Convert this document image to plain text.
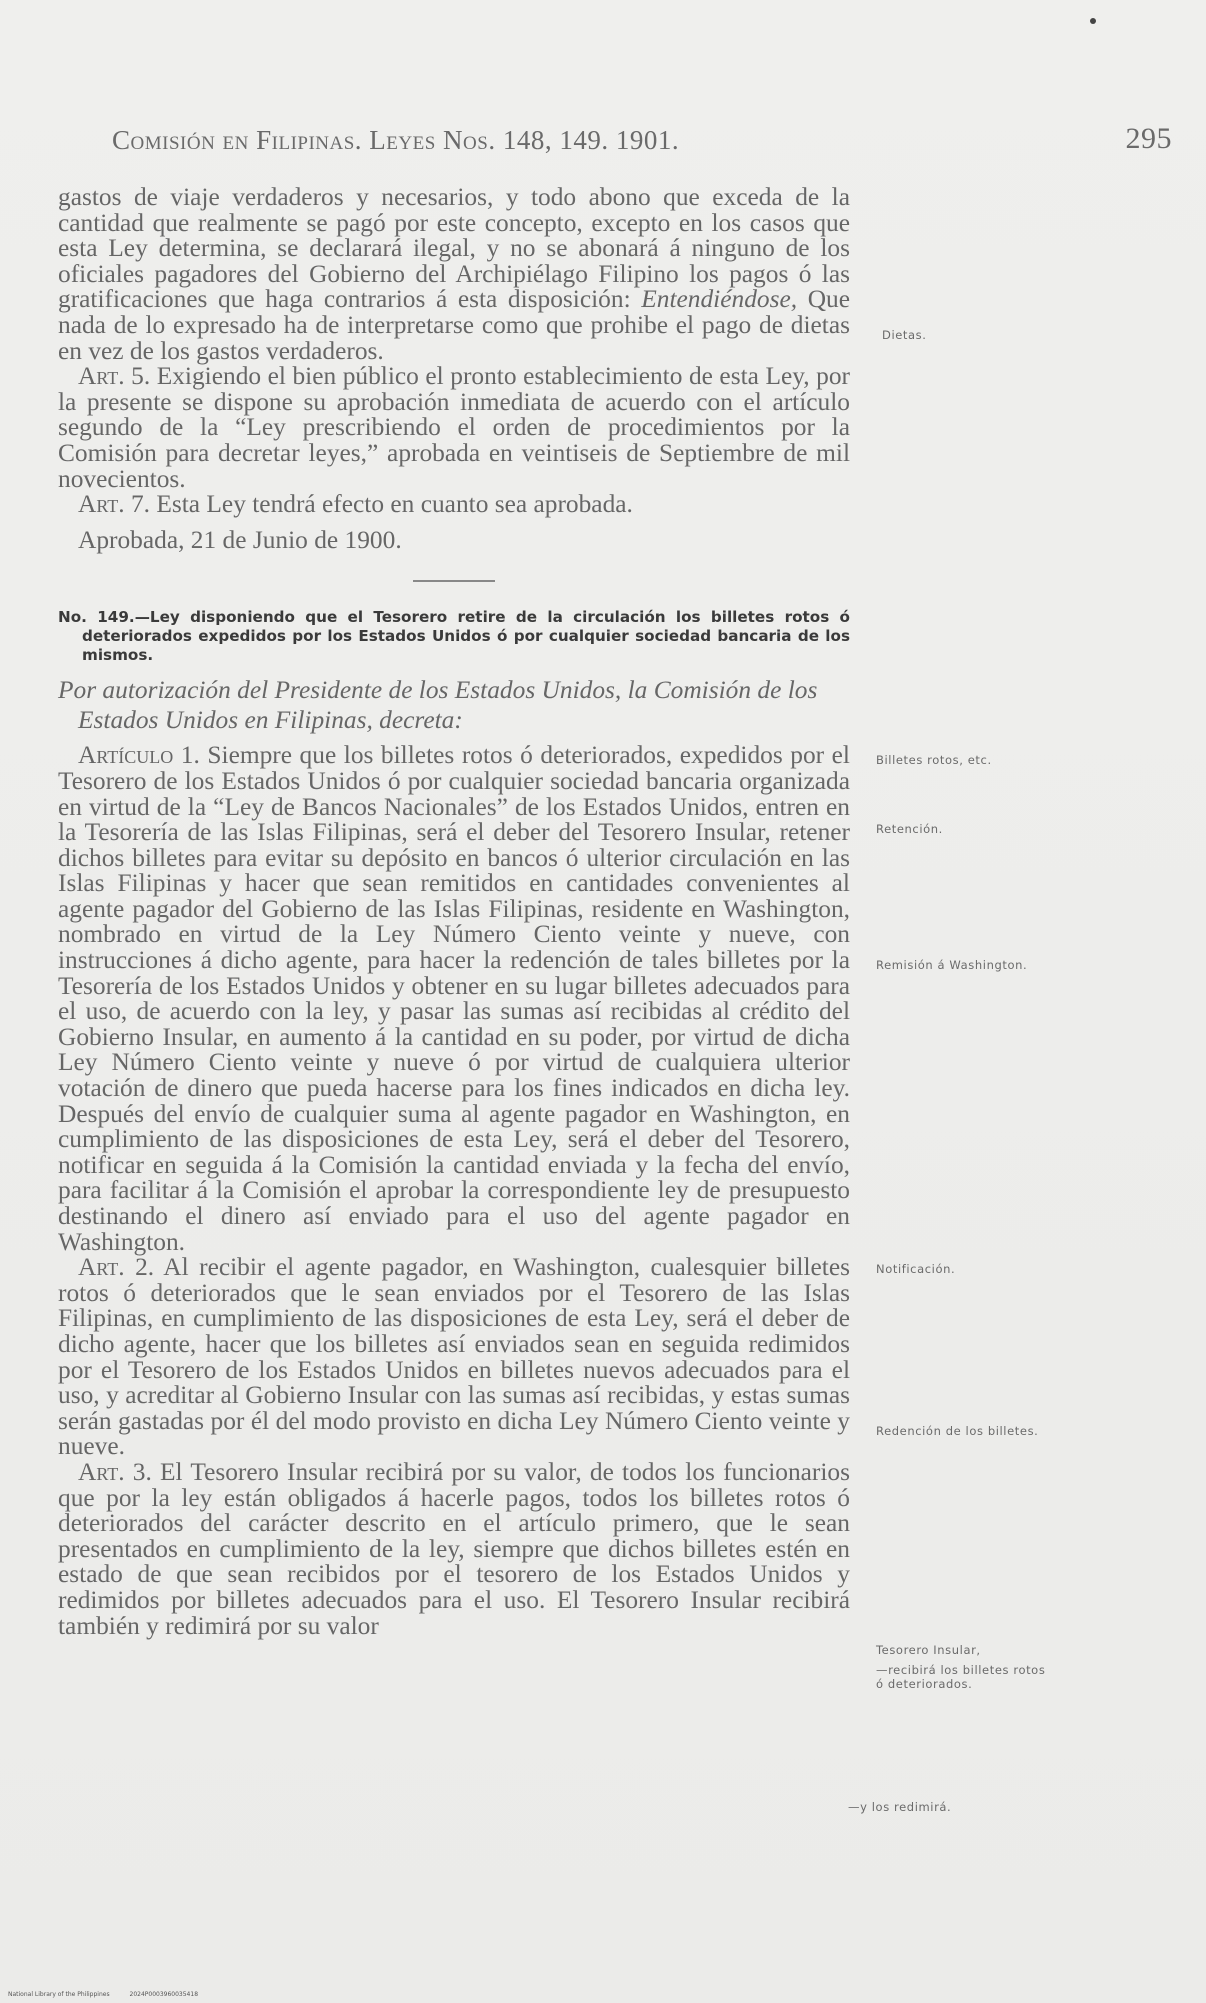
Comisión en Filipinas. Leyes Nos. 148, 149. 1901.	295

gastos de viaje verdaderos y necesarios, y todo abono que exceda de la cantidad que realmente se pagó por este concepto, excepto en los casos que esta Ley determina, se declarará ilegal, y no se abonará á ninguno de los oficiales pagadores del Gobierno del Archipiélago Filipino los pagos ó las gratificaciones que haga contrarios á esta disposición: Entendiéndose, Que nada de lo expresado ha de interpretarse como que prohibe el pago de dietas en vez de los gastos verdaderos.

Art. 5. Exigiendo el bien público el pronto establecimiento de esta Ley, por la presente se dispone su aprobación inmediata de acuerdo con el artículo segundo de la “Ley prescribiendo el orden de procedimientos por la Comisión para decretar leyes,” aprobada en veintiseis de Septiembre de mil novecientos.

Art. 7. Esta Ley tendrá efecto en cuanto sea aprobada.

Aprobada, 21 de Junio de 1900.

No. 149.—Ley disponiendo que el Tesorero retire de la circulación los billetes rotos ó deteriorados expedidos por los Estados Unidos ó por cualquier sociedad bancaria de los mismos.

Por autorización del Presidente de los Estados Unidos, la Comisión de los Estados Unidos en Filipinas, decreta:

Artículo 1. Siempre que los billetes rotos ó deteriorados, expedidos por el Tesorero de los Estados Unidos ó por cualquier sociedad bancaria organizada en virtud de la “Ley de Bancos Nacionales” de los Estados Unidos, entren en la Tesorería de las Islas Filipinas, será el deber del Tesorero Insular, retener dichos billetes para evitar su depósito en bancos ó ulterior circulación en las Islas Filipinas y hacer que sean remitidos en cantidades convenientes al agente pagador del Gobierno de las Islas Filipinas, residente en Washington, nombrado en virtud de la Ley Número Ciento veinte y nueve, con instrucciones á dicho agente, para hacer la redención de tales billetes por la Tesorería de los Estados Unidos y obtener en su lugar billetes adecuados para el uso, de acuerdo con la ley, y pasar las sumas así recibidas al crédito del Gobierno Insular, en aumento á la cantidad en su poder, por virtud de dicha Ley Número Ciento veinte y nueve ó por virtud de cualquiera ulterior votación de dinero que pueda hacerse para los fines indicados en dicha ley. Después del envío de cualquier suma al agente pagador en Washington, en cumplimiento de las disposiciones de esta Ley, será el deber del Tesorero, notificar en seguida á la Comisión la cantidad enviada y la fecha del envío, para facilitar á la Comisión el aprobar la correspondiente ley de presupuesto destinando el dinero así enviado para el uso del agente pagador en Washington.

Art. 2. Al recibir el agente pagador, en Washington, cualesquier billetes rotos ó deteriorados que le sean enviados por el Tesorero de las Islas Filipinas, en cumplimiento de las disposiciones de esta Ley, será el deber de dicho agente, hacer que los billetes así enviados sean en seguida redimidos por el Tesorero de los Estados Unidos en billetes nuevos adecuados para el uso, y acreditar al Gobierno Insular con las sumas así recibidas, y estas sumas serán gastadas por él del modo provisto en dicha Ley Número Ciento veinte y nueve.

Art. 3. El Tesorero Insular recibirá por su valor, de todos los funcionarios que por la ley están obligados á hacerle pagos, todos los billetes rotos ó deteriorados del carácter descrito en el artículo primero, que le sean presentados en cumplimiento de la ley, siempre que dichos billetes estén en estado de que sean recibidos por el tesorero de los Estados Unidos y redimidos por billetes adecuados para el uso. El Tesorero Insular recibirá también y redimirá por su valor

Dietas.
Billetes rotos, etc.
Retención.
Remisión á Washington.
Notificación.
Redención de los billetes.
Tesorero Insular,
—recibirá los billetes rotos ó deteriorados.
—y los redimirá.
National Library of the Philippines	2024P0003960035418
